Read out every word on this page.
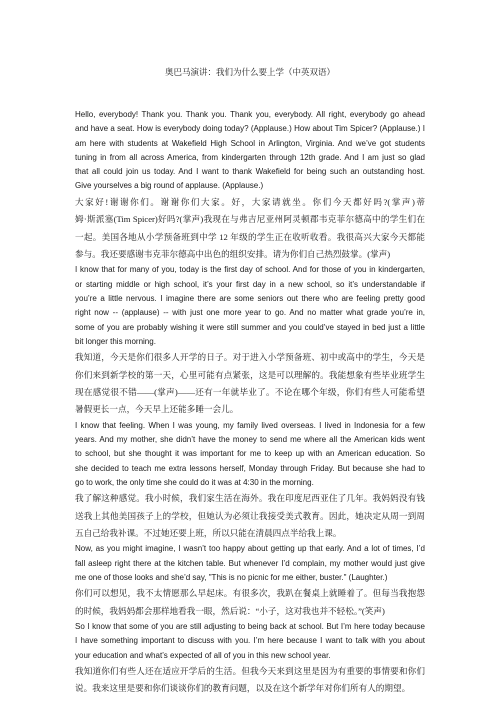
奥巴马演讲：我们为什么要上学（中英双语）
Hello, everybody! Thank you. Thank you. Thank you, everybody. All right, everybody go ahead
and have a seat. How is everybody doing today? (Applause.) How about Tim Spicer? (Applause.) I
am here with students at Wakefield High School in Arlington, Virginia. And we’ve got students
tuning in from all across America, from kindergarten through 12th grade. And I am just so glad
that all could join us today. And I want to thank Wakefield for being such an outstanding host.
Give yourselves a big round of applause. (Applause.)
大家好!谢谢你们。谢谢你们大家。好，大家请就坐。你们今天都好吗?(掌声)蒂
姆·斯派塞(Tim Spicer)好吗?(掌声)我现在与弗吉尼亚州阿灵顿郡韦克菲尔德高中的学生们在
一起。美国各地从小学预备班到中学 12 年级的学生正在收听收看。我很高兴大家今天都能
参与。我还要感谢韦克菲尔德高中出色的组织安排。请为你们自己热烈鼓掌。(掌声)
I know that for many of you, today is the first day of school. And for those of you in kindergarten,
or starting middle or high school, it’s your first day in a new school, so it’s understandable if
you’re a little nervous. I imagine there are some seniors out there who are feeling pretty good
right now -- (applause) -- with just one more year to go. And no matter what grade you’re in,
some of you are probably wishing it were still summer and you could’ve stayed in bed just a little
bit longer this morning.
我知道，今天是你们很多人开学的日子。对于进入小学预备班、初中或高中的学生，今天是
你们来到新学校的第一天，心里可能有点紧张，这是可以理解的。我能想象有些毕业班学生
现在感觉很不错——(掌声)——还有一年就毕业了。不论在哪个年级，你们有些人可能希望
暑假更长一点，今天早上还能多睡一会儿。
I know that feeling. When I was young, my family lived overseas. I lived in Indonesia for a few
years. And my mother, she didn’t have the money to send me where all the American kids went
to school, but she thought it was important for me to keep up with an American education. So
she decided to teach me extra lessons herself, Monday through Friday. But because she had to
go to work, the only time she could do it was at 4:30 in the morning.
我了解这种感觉。我小时候，我们家生活在海外。我在印度尼西亚住了几年。我妈妈没有钱
送我上其他美国孩子上的学校，但她认为必须让我接受美式教育。因此，她决定从周一到周
五自己给我补课。不过她还要上班，所以只能在清晨四点半给我上课。
Now, as you might imagine, I wasn’t too happy about getting up that early. And a lot of times, I’d
fall asleep right there at the kitchen table. But whenever I’d complain, my mother would just give
me one of those looks and she’d say, "This is no picnic for me either, buster." (Laughter.)
你们可以想见，我不太情愿那么早起床。有很多次，我趴在餐桌上就睡着了。但每当我抱怨
的时候，我妈妈都会那样地看我一眼，然后说：“小子，这对我也并不轻松。”(笑声)
So I know that some of you are still adjusting to being back at school. But I’m here today because
I have something important to discuss with you. I’m here because I want to talk with you about
your education and what’s expected of all of you in this new school year.
我知道你们有些人还在适应开学后的生活。但我今天来到这里是因为有重要的事情要和你们
说。我来这里是要和你们谈谈你们的教育问题，以及在这个新学年对你们所有人的期望。
